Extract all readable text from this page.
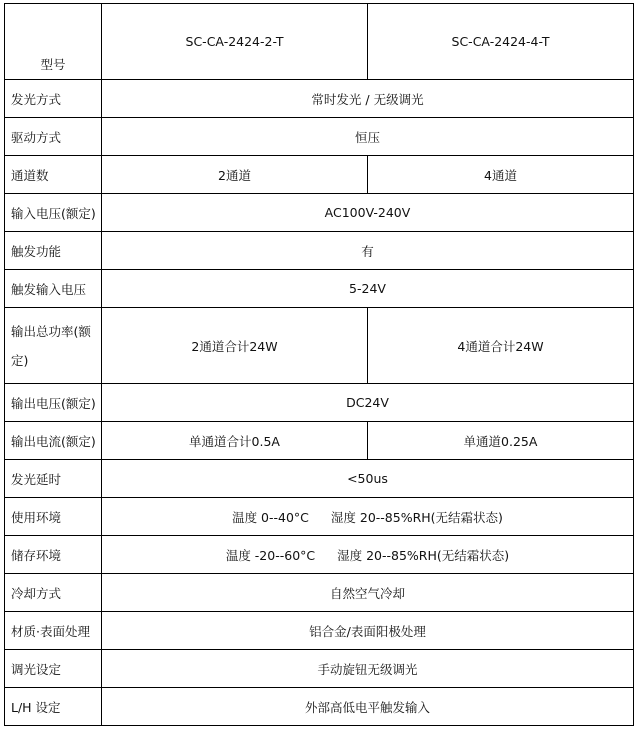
型号	SC-CA-2424-2-T	SC-CA-2424-4-T
发光方式	常时发光 / 无级调光	
驱动方式	恒压	
通道数	2通道	4通道
输入电压(额定)	AC100V-240V	
触发功能	有	
触发输入电压	5-24V	
输出总功率(额定)	2通道合计24W	4通道合计24W
输出电压(额定)	DC24V	
输出电流(额定)	单通道合计0.5A	单通道0.25A
发光延时	<50us	
使用环境	温度 0--40°C 湿度 20--85%RH(无结霜状态)	
储存环境	温度 -20--60°C 湿度 20--85%RH(无结霜状态)	
冷却方式	自然空气冷却	
材质·表面处理	铝合金/表面阳极处理	
调光设定	手动旋钮无级调光	
L/H 设定	外部高低电平触发输入	
